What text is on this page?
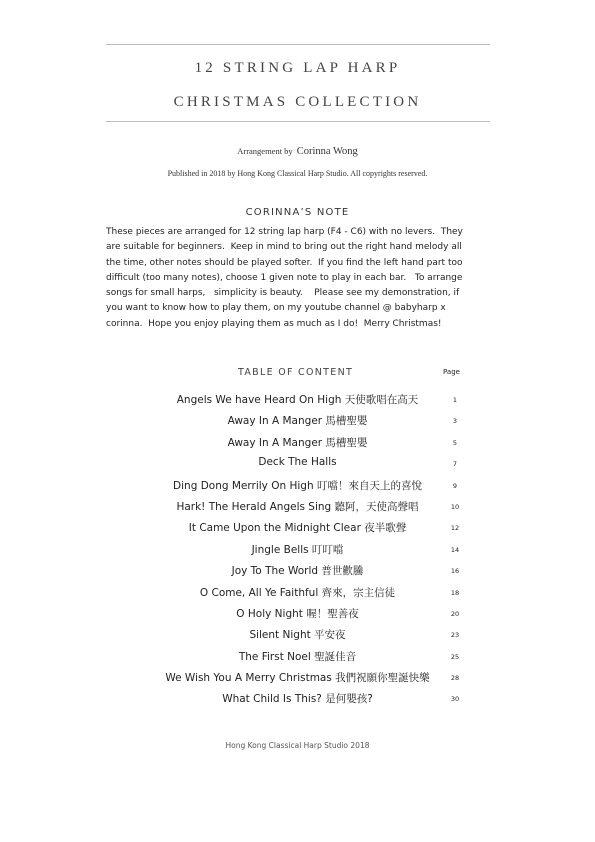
12 STRING LAP HARP
CHRISTMAS COLLECTION
Arrangement by Corinna Wong
Published in 2018 by Hong Kong Classical Harp Studio. All copyrights reserved.
CORINNA’S NOTE
These pieces are arranged for 12 string lap harp (F4 - C6) with no levers.  They
are suitable for beginners.  Keep in mind to bring out the right hand melody all
the time, other notes should be played softer.  If you find the left hand part too
difficult (too many notes), choose 1 given note to play in each bar.   To arrange
songs for small harps,   simplicity is beauty.    Please see my demonstration, if
you want to know how to play them, on my youtube channel @ babyharp x
corinna.  Hope you enjoy playing them as much as I do!  Merry Christmas!
TABLE OF CONTENT	Page
Angels We have Heard On High 天使歌唱在高天	1
Away In A Manger 馬槽聖嬰	3
Away In A Manger 馬槽聖嬰	5
Deck The Halls	7
Ding Dong Merrily On High 叮噹！來自天上的喜悅	9
Hark! The Herald Angels Sing 聽阿，天使高聲唱	10
It Came Upon the Midnight Clear 夜半歌聲	12
Jingle Bells 叮叮噹	14
Joy To The World 普世歡騰	16
O Come, All Ye Faithful 齊來，宗主信徒	18
O Holy Night 喔！聖善夜	20
Silent Night 平安夜	23
The First Noel 聖誕佳音	25
We Wish You A Merry Christmas 我們祝願你聖誕快樂	28
What Child Is This? 是何嬰孩?	30
Hong Kong Classical Harp Studio 2018
